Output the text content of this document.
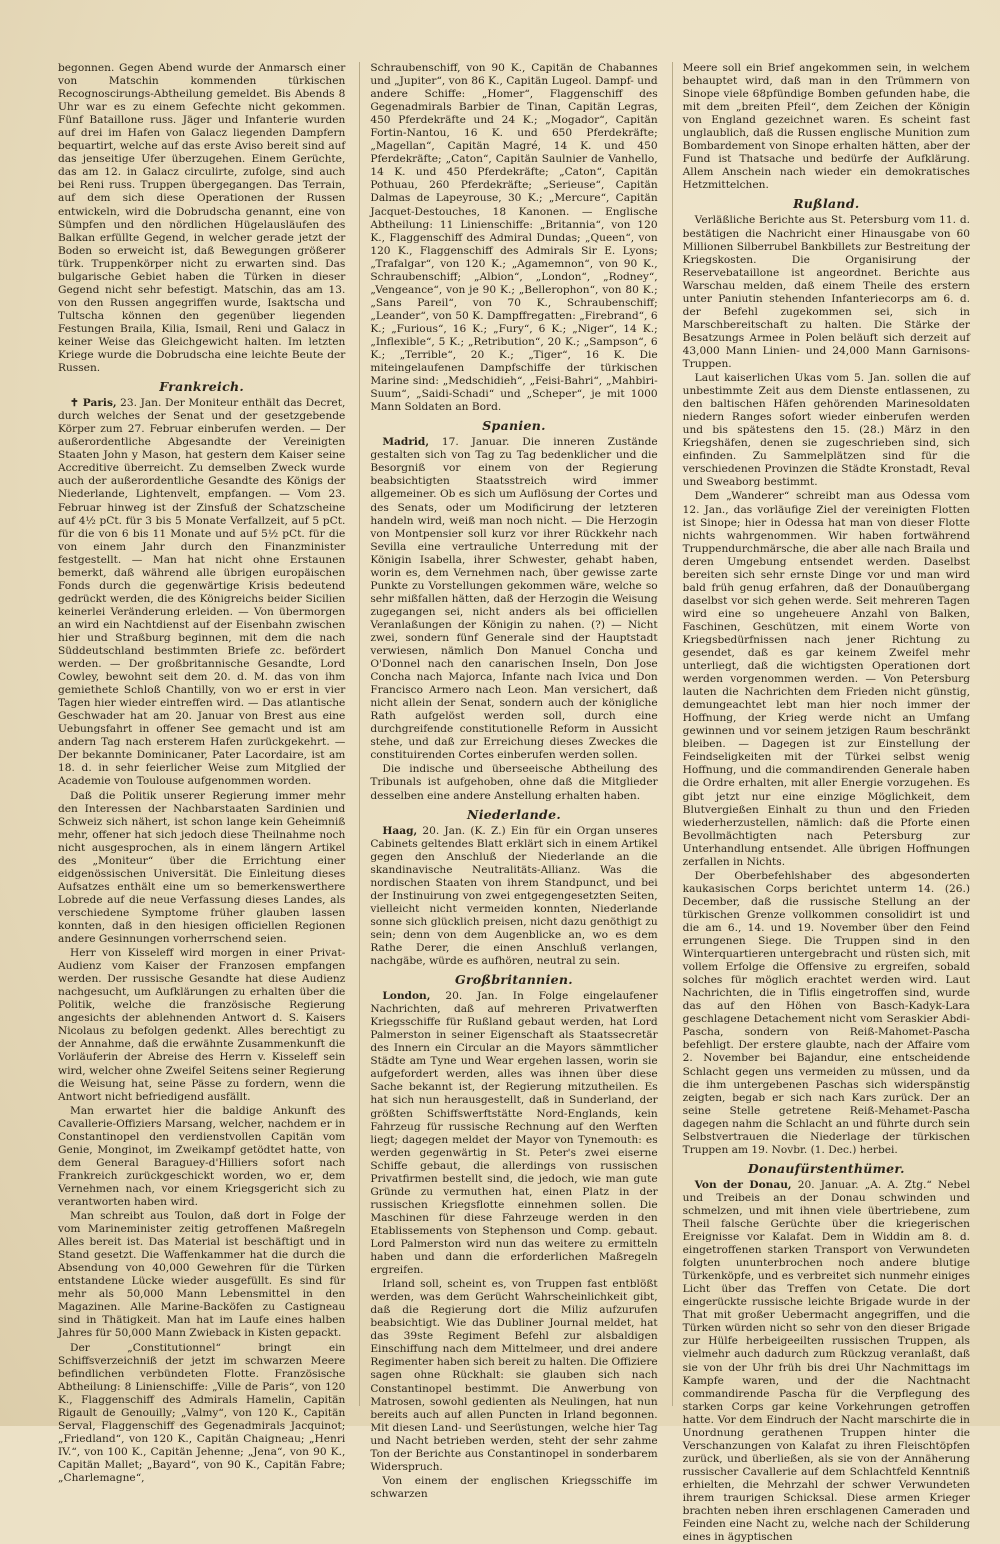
begonnen. Gegen Abend wurde der Anmarsch einer von Matschin kommenden türkischen Recognoscirungs-Abtheilung gemeldet. Bis Abends 8 Uhr war es zu einem Gefechte nicht gekommen. Fünf Bataillone russ. Jäger und Infanterie wurden auf drei im Hafen von Galacz liegenden Dampfern bequartirt, welche auf das erste Aviso bereit sind auf das jenseitige Ufer überzugehen. Einem Gerüchte, das am 12. in Galacz circulirte, zufolge, sind auch bei Reni russ. Truppen übergegangen. Das Terrain, auf dem sich diese Operationen der Russen entwickeln, wird die Dobrudscha genannt, eine von Sümpfen und den nördlichen Hügelausläufen des Balkan erfüllte Gegend, in welcher gerade jetzt der Boden so erweicht ist, daß Bewegungen größerer türk. Truppenkörper nicht zu erwarten sind. Das bulgarische Gebiet haben die Türken in dieser Gegend nicht sehr befestigt. Matschin, das am 13. von den Russen angegriffen wurde, Isaktscha und Tultscha können den gegenüber liegenden Festungen Braila, Kilia, Ismail, Reni und Galacz in keiner Weise das Gleichgewicht halten. Im letzten Kriege wurde die Dobrudscha eine leichte Beute der Russen.

Frankreich.

✝ Paris, 23. Jan. Der Moniteur enthält das Decret, durch welches der Senat und der gesetzgebende Körper zum 27. Februar einberufen werden. — Der außerordentliche Abgesandte der Vereinigten Staaten John y Mason, hat gestern dem Kaiser seine Accreditive überreicht. Zu demselben Zweck wurde auch der außerordentliche Gesandte des Königs der Niederlande, Lightenvelt, empfangen. — Vom 23. Februar hinweg ist der Zinsfuß der Schatzscheine auf 4½ pCt. für 3 bis 5 Monate Verfallzeit, auf 5 pCt. für die von 6 bis 11 Monate und auf 5½ pCt. für die von einem Jahr durch den Finanzminister festgestellt. — Man hat nicht ohne Erstaunen bemerkt, daß während alle übrigen europäischen Fonds durch die gegenwärtige Krisis bedeutend gedrückt werden, die des Königreichs beider Sicilien keinerlei Veränderung erleiden. — Von übermorgen an wird ein Nachtdienst auf der Eisenbahn zwischen hier und Straßburg beginnen, mit dem die nach Süddeutschland bestimmten Briefe zc. befördert werden. — Der großbritannische Gesandte, Lord Cowley, bewohnt seit dem 20. d. M. das von ihm gemiethete Schloß Chantilly, von wo er erst in vier Tagen hier wieder eintreffen wird. — Das atlantische Geschwader hat am 20. Januar von Brest aus eine Uebungsfahrt in offener See gemacht und ist am andern Tag nach ersterem Hafen zurückgekehrt. — Der bekannte Dominicaner, Pater Lacordaire, ist am 18. d. in sehr feierlicher Weise zum Mitglied der Academie von Toulouse aufgenommen worden.

Daß die Politik unserer Regierung immer mehr den Interessen der Nachbarstaaten Sardinien und Schweiz sich nähert, ist schon lange kein Geheimniß mehr, offener hat sich jedoch diese Theilnahme noch nicht ausgesprochen, als in einem längern Artikel des „Moniteur“ über die Errichtung einer eidgenössischen Universität. Die Einleitung dieses Aufsatzes enthält eine um so bemerkenswerthere Lobrede auf die neue Verfassung dieses Landes, als verschiedene Symptome früher glauben lassen konnten, daß in den hiesigen officiellen Regionen andere Gesinnungen vorherrschend seien.

Herr von Kisseleff wird morgen in einer Privat-Audienz vom Kaiser der Franzosen empfangen werden. Der russische Gesandte hat diese Audienz nachgesucht, um Aufklärungen zu erhalten über die Politik, welche die französische Regierung angesichts der ablehnenden Antwort d. S. Kaisers Nicolaus zu befolgen gedenkt. Alles berechtigt zu der Annahme, daß die erwähnte Zusammenkunft die Vorläuferin der Abreise des Herrn v. Kisseleff sein wird, welcher ohne Zweifel Seitens seiner Regierung die Weisung hat, seine Pässe zu fordern, wenn die Antwort nicht befriedigend ausfällt.

Man erwartet hier die baldige Ankunft des Cavallerie-Offiziers Marsang, welcher, nachdem er in Constantinopel den verdienstvollen Capitän vom Genie, Monginot, im Zweikampf getödtet hatte, von dem General Baraguey-d'Hilliers sofort nach Frankreich zurückgeschickt worden, wo er, dem Vernehmen nach, vor einem Kriegsgericht sich zu verantworten haben wird.

Man schreibt aus Toulon, daß dort in Folge der vom Marineminister zeitig getroffenen Maßregeln Alles bereit ist. Das Material ist beschäftigt und in Stand gesetzt. Die Waffenkammer hat die durch die Absendung von 40,000 Gewehren für die Türken entstandene Lücke wieder ausgefüllt. Es sind für mehr als 50,000 Mann Lebensmittel in den Magazinen. Alle Marine-Backöfen zu Castigneau sind in Thätigkeit. Man hat im Laufe eines halben Jahres für 50,000 Mann Zwieback in Kisten gepackt.

Der „Constitutionnel“ bringt ein Schiffsverzeichniß der jetzt im schwarzen Meere befindlichen verbündeten Flotte. Französische Abtheilung: 8 Linienschiffe: „Ville de Paris“, von 120 K., Flaggenschiff des Admirals Hamelin, Capitän Rigault de Genouilly; „Valmy“, von 120 K., Capitän Serval, Flaggenschiff des Gegenadmirals Jacquinot; „Friedland“, von 120 K., Capitän Chaigneau; „Henri IV.“, von 100 K., Capitän Jehenne; „Jena“, von 90 K., Capitän Mallet; „Bayard“, von 90 K., Capitän Fabre; „Charlemagne“,

Schraubenschiff, von 90 K., Capitän de Chabannes und „Jupiter“, von 86 K., Capitän Lugeol. Dampf- und andere Schiffe: „Homer“, Flaggenschiff des Gegenadmirals Barbier de Tinan, Capitän Legras, 450 Pferdekräfte und 24 K.; „Mogador“, Capitän Fortin-Nantou, 16 K. und 650 Pferdekräfte; „Magellan“, Capitän Magré, 14 K. und 450 Pferdekräfte; „Caton“, Capitän Saulnier de Vanhello, 14 K. und 450 Pferdekräfte; „Caton“, Capitän Pothuau, 260 Pferdekräfte; „Serieuse“, Capitän Dalmas de Lapeyrouse, 30 K.; „Mercure“, Capitän Jacquet-Destouches, 18 Kanonen. — Englische Abtheilung: 11 Linienschiffe: „Britannia“, von 120 K., Flaggenschiff des Admiral Dundas; „Queen“, von 120 K., Flaggenschiff des Admirals Sir E. Lyons; „Trafalgar“, von 120 K.; „Agamemnon“, von 90 K., Schraubenschiff; „Albion“, „London“, „Rodney“, „Vengeance“, von je 90 K.; „Bellerophon“, von 80 K.; „Sans Pareil“, von 70 K., Schraubenschiff; „Leander“, von 50 K. Dampffregatten: „Firebrand“, 6 K.; „Furious“, 16 K.; „Fury“, 6 K.; „Niger“, 14 K.; „Inflexible“, 5 K.; „Retribution“, 20 K.; „Sampson“, 6 K.; „Terrible“, 20 K.; „Tiger“, 16 K. Die miteingelaufenen Dampfschiffe der türkischen Marine sind: „Medschidieh“, „Feisi-Bahri“, „Mahbiri-Suum“, „Saidi-Schadi“ und „Scheper“, je mit 1000 Mann Soldaten an Bord.

Spanien.

Madrid, 17. Januar. Die inneren Zustände gestalten sich von Tag zu Tag bedenklicher und die Besorgniß vor einem von der Regierung beabsichtigten Staatsstreich wird immer allgemeiner. Ob es sich um Auflösung der Cortes und des Senats, oder um Modificirung der letzteren handeln wird, weiß man noch nicht. — Die Herzogin von Montpensier soll kurz vor ihrer Rückkehr nach Sevilla eine vertrauliche Unterredung mit der Königin Isabella, ihrer Schwester, gehabt haben, worin es, dem Vernehmen nach, über gewisse zarte Punkte zu Vorstellungen gekommen wäre, welche so sehr mißfallen hätten, daß der Herzogin die Weisung zugegangen sei, nicht anders als bei officiellen Veranlaßungen der Königin zu nahen. (?) — Nicht zwei, sondern fünf Generale sind der Hauptstadt verwiesen, nämlich Don Manuel Concha und O'Donnel nach den canarischen Inseln, Don Jose Concha nach Majorca, Infante nach Ivica und Don Francisco Armero nach Leon. Man versichert, daß nicht allein der Senat, sondern auch der königliche Rath aufgelöst werden soll, durch eine durchgreifende constitutionelle Reform in Aussicht stehe, und daß zur Erreichung dieses Zweckes die constituirenden Cortes einberufen werden sollen.

Die indische und überseeische Abtheilung des Tribunals ist aufgehoben, ohne daß die Mitglieder desselben eine andere Anstellung erhalten haben.

Niederlande.

Haag, 20. Jan. (K. Z.) Ein für ein Organ unseres Cabinets geltendes Blatt erklärt sich in einem Artikel gegen den Anschluß der Niederlande an die skandinavische Neutralitäts-Allianz. Was die nordischen Staaten von ihrem Standpunct, und bei der Instinuirung von zwei entgegengesetzten Seiten, vielleicht nicht vermeiden konnten, Niederlande sonne sich glücklich preisen, nicht dazu genöthigt zu sein; denn von dem Augenblicke an, wo es dem Rathe Derer, die einen Anschluß verlangen, nachgäbe, würde es aufhören, neutral zu sein.

Großbritannien.

London, 20. Jan. In Folge eingelaufener Nachrichten, daß auf mehreren Privatwerften Kriegsschiffe für Rußland gebaut werden, hat Lord Palmerston in seiner Eigenschaft als Staatssecretär des Innern ein Circular an die Mayors sämmtlicher Städte am Tyne und Wear ergehen lassen, worin sie aufgefordert werden, alles was ihnen über diese Sache bekannt ist, der Regierung mitzutheilen. Es hat sich nun herausgestellt, daß in Sunderland, der größten Schiffswerftstätte Nord-Englands, kein Fahrzeug für russische Rechnung auf den Werften liegt; dagegen meldet der Mayor von Tynemouth: es werden gegenwärtig in St. Peter's zwei eiserne Schiffe gebaut, die allerdings von russischen Privatfirmen bestellt sind, die jedoch, wie man gute Gründe zu vermuthen hat, einen Platz in der russischen Kriegsflotte einnehmen sollen. Die Maschinen für diese Fahrzeuge werden in den Etablissements von Stephenson und Comp. gebaut. Lord Palmerston wird nun das weitere zu ermitteln haben und dann die erforderlichen Maßregeln ergreifen.

Irland soll, scheint es, von Truppen fast entblößt werden, was dem Gerücht Wahrscheinlichkeit gibt, daß die Regierung dort die Miliz aufzurufen beabsichtigt. Wie das Dubliner Journal meldet, hat das 39ste Regiment Befehl zur alsbaldigen Einschiffung nach dem Mittelmeer, und drei andere Regimenter haben sich bereit zu halten. Die Offiziere sagen ohne Rückhalt: sie glauben sich nach Constantinopel bestimmt. Die Anwerbung von Matrosen, sowohl gedienten als Neulingen, hat nun bereits auch auf allen Puncten in Irland begonnen. Mit diesen Land- und Seerüstungen, welche hier Tag und Nacht betrieben werden, steht der sehr zahme Ton der Berichte aus Constantinopel in sonderbarem Widerspruch.

Von einem der englischen Kriegsschiffe im schwarzen

Meere soll ein Brief angekommen sein, in welchem behauptet wird, daß man in den Trümmern von Sinope viele 68pfündige Bomben gefunden habe, die mit dem „breiten Pfeil“, dem Zeichen der Königin von England gezeichnet waren. Es scheint fast unglaublich, daß die Russen englische Munition zum Bombardement von Sinope erhalten hätten, aber der Fund ist Thatsache und bedürfe der Aufklärung. Allem Anschein nach wieder ein demokratisches Hetzmittelchen.

Rußland.

Verläßliche Berichte aus St. Petersburg vom 11. d. bestätigen die Nachricht einer Hinausgabe von 60 Millionen Silberrubel Bankbillets zur Bestreitung der Kriegskosten. Die Organisirung der Reservebataillone ist angeordnet. Berichte aus Warschau melden, daß einem Theile des erstern unter Paniutin stehenden Infanteriecorps am 6. d. der Befehl zugekommen sei, sich in Marschbereitschaft zu halten. Die Stärke der Besatzungs Armee in Polen beläuft sich derzeit auf 43,000 Mann Linien- und 24,000 Mann Garnisons-Truppen.

Laut kaiserlichen Ukas vom 5. Jan. sollen die auf unbestimmte Zeit aus dem Dienste entlassenen, zu den baltischen Häfen gehörenden Marinesoldaten niedern Ranges sofort wieder einberufen werden und bis spätestens den 15. (28.) März in den Kriegshäfen, denen sie zugeschrieben sind, sich einfinden. Zu Sammelplätzen sind für die verschiedenen Provinzen die Städte Kronstadt, Reval und Sweaborg bestimmt.

Dem „Wanderer“ schreibt man aus Odessa vom 12. Jan., das vorläufige Ziel der vereinigten Flotten ist Sinope; hier in Odessa hat man von dieser Flotte nichts wahrgenommen. Wir haben fortwährend Truppendurchmärsche, die aber alle nach Braila und deren Umgebung entsendet werden. Daselbst bereiten sich sehr ernste Dinge vor und man wird bald früh genug erfahren, daß der Donauübergang daselbst vor sich gehen werde. Seit mehreren Tagen wird eine so ungeheuere Anzahl von Balken, Faschinen, Geschützen, mit einem Worte von Kriegsbedürfnissen nach jener Richtung zu gesendet, daß es gar keinem Zweifel mehr unterliegt, daß die wichtigsten Operationen dort werden vorgenommen werden. — Von Petersburg lauten die Nachrichten dem Frieden nicht günstig, demungeachtet lebt man hier noch immer der Hoffnung, der Krieg werde nicht an Umfang gewinnen und vor seinem jetzigen Raum beschränkt bleiben. — Dagegen ist zur Einstellung der Feindseligkeiten mit der Türkei selbst wenig Hoffnung, und die commandirenden Generale haben die Ordre erhalten, mit aller Energie vorzugehen. Es gibt jetzt nur eine einzige Möglichkeit, dem Blutvergießen Einhalt zu thun und den Frieden wiederherzustellen, nämlich: daß die Pforte einen Bevollmächtigten nach Petersburg zur Unterhandlung entsendet. Alle übrigen Hoffnungen zerfallen in Nichts.

Der Oberbefehlshaber des abgesonderten kaukasischen Corps berichtet unterm 14. (26.) December, daß die russische Stellung an der türkischen Grenze vollkommen consolidirt ist und die am 6., 14. und 19. November über den Feind errungenen Siege. Die Truppen sind in den Winterquartieren untergebracht und rüsten sich, mit vollem Erfolge die Offensive zu ergreifen, sobald solches für möglich erachtet werden wird. Laut Nachrichten, die in Tiflis eingetroffen sind, wurde das auf den Höhen von Basch-Kadyk-Lara geschlagene Detachement nicht vom Seraskier Abdi-Pascha, sondern von Reiß-Mahomet-Pascha befehligt. Der erstere glaubte, nach der Affaire vom 2. November bei Bajandur, eine entscheidende Schlacht gegen uns vermeiden zu müssen, und da die ihm untergebenen Paschas sich widerspänstig zeigten, begab er sich nach Kars zurück. Der an seine Stelle getretene Reiß-Mehamet-Pascha dagegen nahm die Schlacht an und führte durch sein Selbstvertrauen die Niederlage der türkischen Truppen am 19. Novbr. (1. Dec.) herbei.

Donaufürstenthümer.

Von der Donau, 20. Januar. „A. A. Ztg.“ Nebel und Treibeis an der Donau schwinden und schmelzen, und mit ihnen viele übertriebene, zum Theil falsche Gerüchte über die kriegerischen Ereignisse vor Kalafat. Dem in Widdin am 8. d. eingetroffenen starken Transport von Verwundeten folgten ununterbrochen noch andere blutige Türkenköpfe, und es verbreitet sich nunmehr einiges Licht über das Treffen von Cetate. Die dort eingerückte russische leichte Brigade wurde in der That mit großer Uebermacht angegriffen, und die Türken würden nicht so sehr von den dieser Brigade zur Hülfe herbeigeeilten russischen Truppen, als vielmehr auch dadurch zum Rückzug veranlaßt, daß sie von der Uhr früh bis drei Uhr Nachmittags im Kampfe waren, und der die Nachtnacht commandirende Pascha für die Verpflegung des starken Corps gar keine Vorkehrungen getroffen hatte. Vor dem Eindruch der Nacht marschirte die in Unordnung gerathenen Truppen hinter die Verschanzungen von Kalafat zu ihren Fleischtöpfen zurück, und überließen, als sie von der Annäherung russischer Cavallerie auf dem Schlachtfeld Kenntniß erhielten, die Mehrzahl der schwer Verwundeten ihrem traurigen Schicksal. Diese armen Krieger brachten neben ihren erschlagenen Cameraden und Feinden eine Nacht zu, welche nach der Schilderung eines in ägyptischen
